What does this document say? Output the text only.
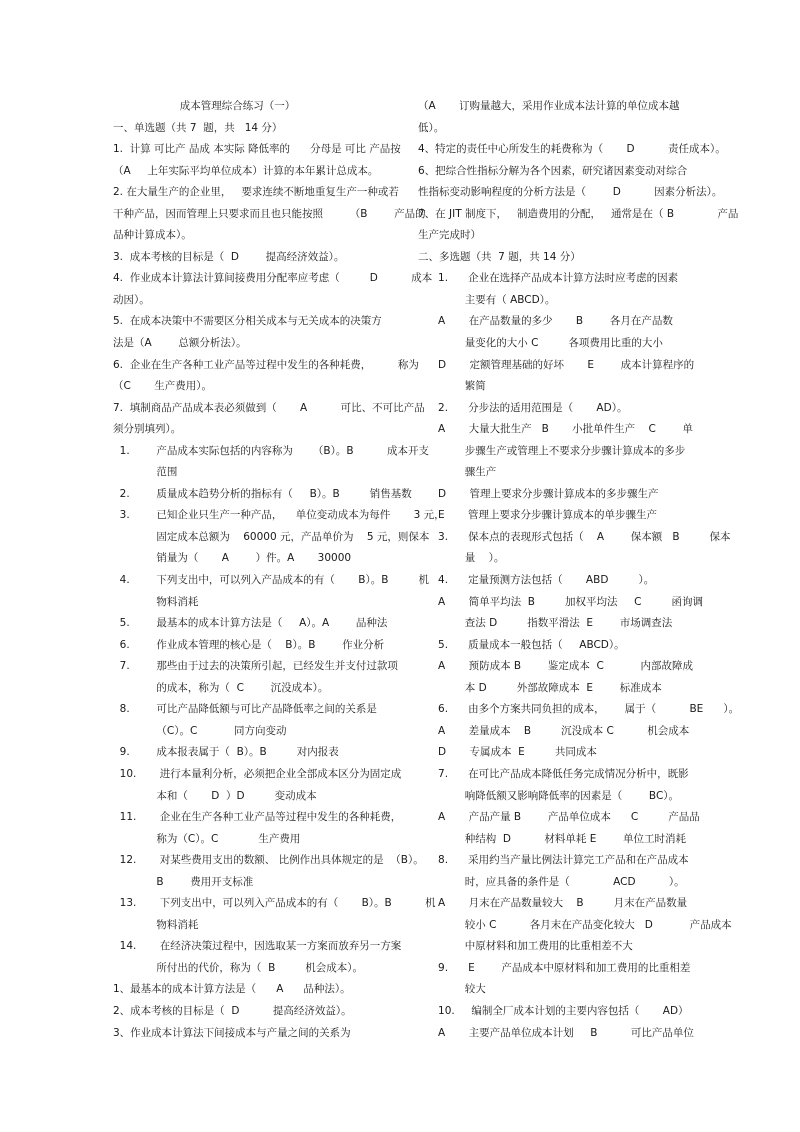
成本管理综合练习（一）
一、单选题（共 7  题，共   14 分）
1.  计算 可比产 品成 本实际 降低率的      分母是 可比 产品按
（A     上年实际平均单位成本）计算的本年累计总成本。
2. 在大量生产的企业里，   要求连续不断地重复生产一种或若
干种产品，因而管理上只要求而且也只能按照        （B        产品的
品种计算成本）。
3.  成本考核的目标是（  D        提高经济效益）。
4.  作业成本计算法计算间接费用分配率应考虑（         D          成本
动因）。
5.  在成本决策中不需要区分相关成本与无关成本的决策方
法是（A        总额分析法）。
6.  企业在生产各种工业产品等过程中发生的各种耗费，        称为
（C       生产费用）。
7.  填制商品产品成本表必须做到（       A          可比、不可比产品
须分别填列）。
1.        产品成本实际包括的内容称为      （B）。B          成本开支
范围
2.        质量成本趋势分析的指标有（     B）。B         销售基数
3.        已知企业只生产一种产品，    单位变动成本为每件       3 元，
固定成本总额为    60000 元，产品单价为    5 元，则保本
销量为（       A        ）件。A       30000
4.        下列支出中，可以列入产品成本的有（       B）。B         机
物料消耗
5.        最基本的成本计算方法是（     A）。A        品种法
6.        作业成本管理的核心是（    B）。B        作业分析
7.        那些由于过去的决策所引起，已经发生并支付过款项
的成本，称为（  C        沉没成本）。
8.        可比产品降低额与可比产品降低率之间的关系是
（C）。C           同方向变动
9.        成本报表属于（  B）。B         对内报表
10.       进行本量利分析，必须把企业全部成本区分为固定成
本和（       D  ）D         变动成本
11.       企业在生产各种工业产品等过程中发生的各种耗费，
称为（C）。C            生产费用
12.       对某些费用支出的数额、 比例作出具体规定的是  （B）。
B        费用开支标准
13.       下列支出中，可以列入产品成本的有（       B）。B          机
物料消耗
14.       在经济决策过程中，因选取某一方案而放弃另一方案
所付出的代价，称为（  B         机会成本）。
1、最基本的成本计算方法是（      A      品种法）。
2、成本考核的目标是（  D          提高经济效益）。
3、作业成本计算法下间接成本与产量之间的关系为
（A       订购量越大，采用作业成本法计算的单位成本越
低）。
4、特定的责任中心所发生的耗费称为（       D          责任成本）。
6、把综合性指标分解为各个因素，研究诸因素变动对综合
性指标变动影响程度的分析方法是（        D          因素分析法）。
7、在 JIT 制度下，   制造费用的分配，   通常是在（ B             产品
生产完成时）
二、多选题（共  7 题，共 14 分）
1.      企业在选择产品成本计算方法时应考虑的因素
主要有（ ABCD）。
A       在产品数量的多少       B        各月在产品数
量变化的大小 C         各项费用比重的大小
D       定额管理基础的好坏       E        成本计算程序的
繁简
2.      分步法的适用范围是（       AD）。
A       大量大批生产   B       小批单件生产    C        单
步骤生产或管理上不要求分步骤计算成本的多步
骤生产
D       管理上要求分步骤计算成本的多步骤生产
E       管理上要求分步骤计算成本的单步骤生产
3.      保本点的表现形式包括（    A        保本额   B         保本
量    ）。
4.      定量预测方法包括（       ABD         ）。
A       简单平均法  B         加权平均法     C         函询调
查法 D         指数平滑法  E        市场调查法
5.      质量成本一般包括（     ABCD）。
A       预防成本 B        鉴定成本  C           内部故障成
本 D         外部故障成本  E        标准成本
6.      由多个方案共同负担的成本，      属于（          BE      ）。
A       差量成本    B         沉没成本 C          机会成本
D       专属成本  E         共同成本
7.      在可比产品成本降低任务完成情况分析中，既影
响降低额又影响降低率的因素是（        BC）。
A       产品产量 B        产品单位成本      C         产品品
种结构  D          材料单耗 E        单位工时消耗
8.      采用约当产量比例法计算完工产品和在产品成本
时，应具备的条件是（             ACD          ）。
A       月末在产品数量较大    B         月末在产品数量
较小 C          各月末在产品变化较大   D           产品成本
中原材料和加工费用的比重相差不大
9.      E        产品成本中原材料和加工费用的比重相差
较大
10.     编制全厂成本计划的主要内容包括（       AD）
A       主要产品单位成本计划     B          可比产品单位
